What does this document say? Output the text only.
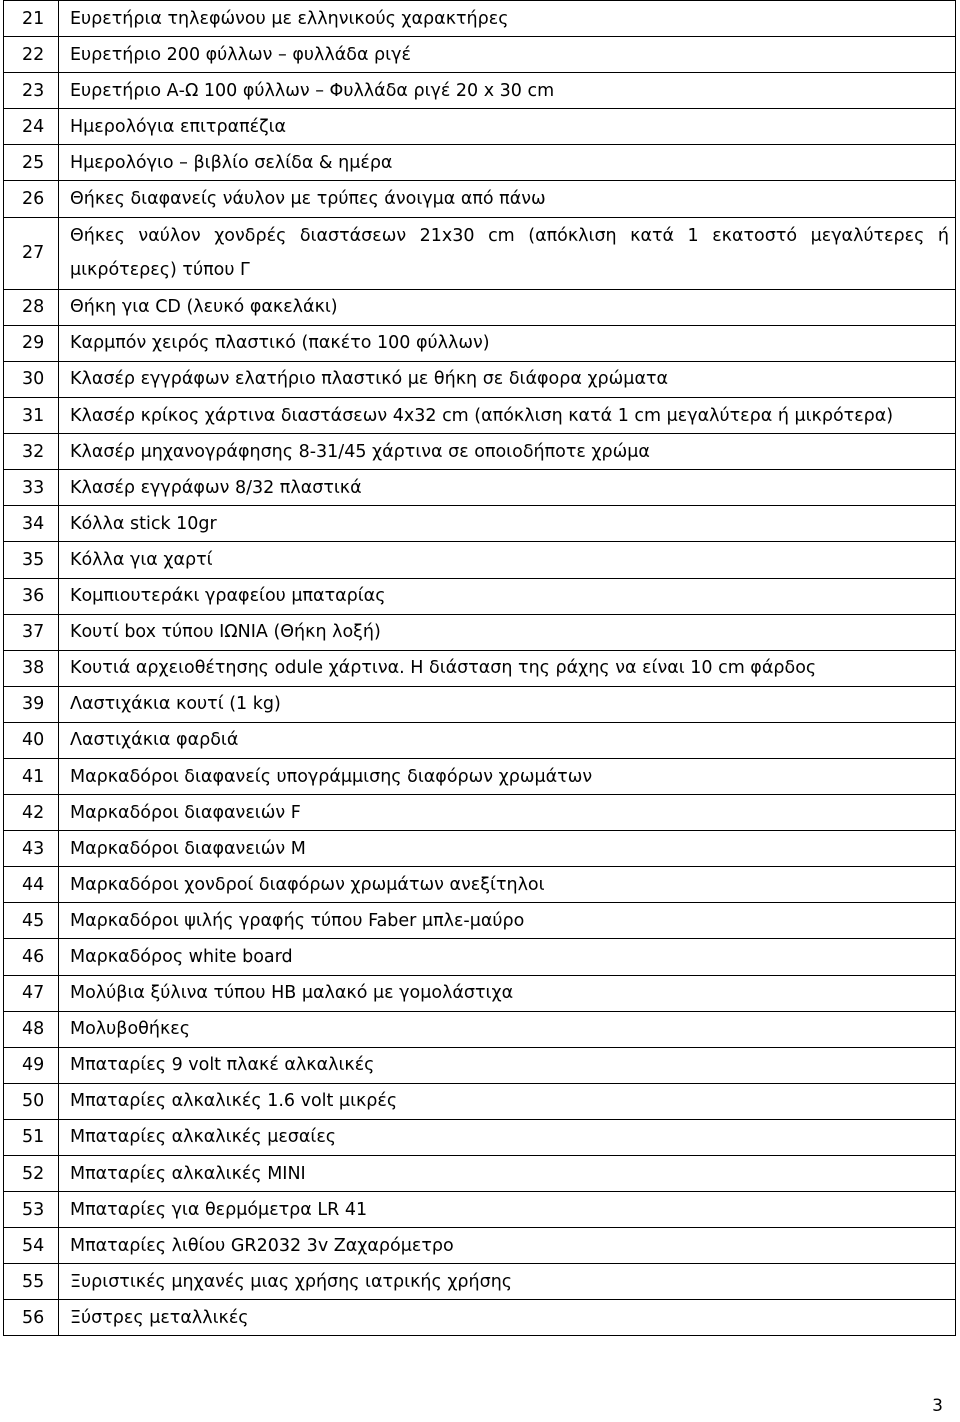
21	Ευρετήρια τηλεφώνου με ελληνικούς χαρακτήρες
22	Ευρετήριο 200 φύλλων – φυλλάδα ριγέ
23	Ευρετήριο Α-Ω 100 φύλλων – Φυλλάδα ριγέ 20 x 30 cm
24	Ημερολόγια επιτραπέζια
25	Ημερολόγιο – βιβλίο σελίδα & ημέρα
26	Θήκες διαφανείς νάυλον με τρύπες άνοιγμα από πάνω
27	Θήκες ναύλον χονδρές διαστάσεων 21x30 cm (απόκλιση κατά 1 εκατοστό μεγαλύτερες ή μικρότερες) τύπου Γ
28	Θήκη για CD (λευκό φακελάκι)
29	Καρμπόν χειρός πλαστικό (πακέτο 100 φύλλων)
30	Κλασέρ εγγράφων ελατήριο πλαστικό με θήκη σε διάφορα χρώματα
31	Κλασέρ κρίκος χάρτινα διαστάσεων 4x32 cm (απόκλιση κατά 1 cm μεγαλύτερα ή μικρότερα)
32	Κλασέρ μηχανογράφησης 8-31/45 χάρτινα σε οποιοδήποτε χρώμα
33	Κλασέρ εγγράφων 8/32 πλαστικά
34	Κόλλα stick 10gr
35	Κόλλα για χαρτί
36	Κομπιουτεράκι γραφείου μπαταρίας
37	Κουτί box τύπου ΙΩΝΙΑ (Θήκη λοξή)
38	Κουτιά αρχειοθέτησης odule χάρτινα. Η διάσταση της ράχης να είναι 10 cm φάρδος
39	Λαστιχάκια κουτί (1 kg)
40	Λαστιχάκια φαρδιά
41	Μαρκαδόροι διαφανείς υπογράμμισης διαφόρων χρωμάτων
42	Μαρκαδόροι διαφανειών F
43	Μαρκαδόροι διαφανειών M
44	Μαρκαδόροι χονδροί διαφόρων χρωμάτων ανεξίτηλοι
45	Μαρκαδόροι ψιλής γραφής τύπου Faber μπλε-μαύρο
46	Μαρκαδόρος white board
47	Μολύβια ξύλινα τύπου HB μαλακό με γομολάστιχα
48	Μολυβοθήκες
49	Μπαταρίες 9 volt πλακέ αλκαλικές
50	Μπαταρίες αλκαλικές 1.6 volt μικρές
51	Μπαταρίες αλκαλικές μεσαίες
52	Μπαταρίες αλκαλικές MINI
53	Μπαταρίες για θερμόμετρα LR 41
54	Μπαταρίες λιθίου GR2032 3v Ζαχαρόμετρο
55	Ξυριστικές μηχανές μιας χρήσης ιατρικής χρήσης
56	Ξύστρες μεταλλικές
3
